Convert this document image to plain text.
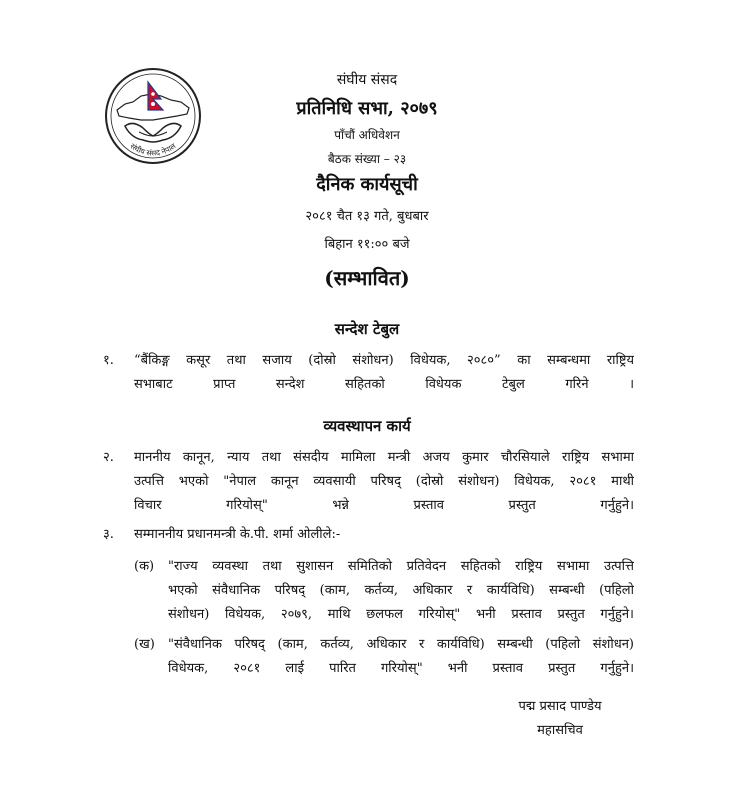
संघीय संसद नेपाल
संघीय संसद
प्रतिनिधि सभा, २०७९
पाँचौं अधिवेशन
बैठक संख्या – २३
दैनिक कार्यसूची
२०८१ चैत १३ गते, बुधबार
बिहान ११:०० बजे
(सम्भावित)
सन्देश टेबुल
१. “बैंकिङ्ग कसूर तथा सजाय (दोस्रो संशोधन) विधेयक, २०८०” का सम्बन्धमा राष्ट्रिय
सभाबाट प्राप्त सन्देश सहितको विधेयक टेबुल गरिने ।
व्यवस्थापन कार्य
२. माननीय कानून, न्याय तथा संसदीय मामिला मन्त्री अजय कुमार चौरसियाले राष्ट्रिय सभामा
उत्पत्ति भएको "नेपाल कानून व्यवसायी परिषद् (दोस्रो संशोधन) विधेयक, २०८१ माथी
विचार गरियोस्" भन्ने प्रस्ताव प्रस्तुत गर्नुहुने।
३. सम्माननीय प्रधानमन्त्री के.पी. शर्मा ओलीले:-
(क) "राज्य व्यवस्था तथा सुशासन समितिको प्रतिवेदन सहितको राष्ट्रिय सभामा उत्पत्ति
भएको संवैधानिक परिषद् (काम, कर्तव्य, अधिकार र कार्यविधि) सम्बन्धी (पहिलो
संशोधन) विधेयक, २०७९, माथि छलफल गरियोस्" भनी प्रस्ताव प्रस्तुत गर्नुहुने।
(ख) "संवैधानिक परिषद् (काम, कर्तव्य, अधिकार र कार्यविधि) सम्बन्धी (पहिलो संशोधन)
विधेयक, २०८१ लाई पारित गरियोस्" भनी प्रस्ताव प्रस्तुत गर्नुहुने।
पद्म प्रसाद पाण्डेय
महासचिव
